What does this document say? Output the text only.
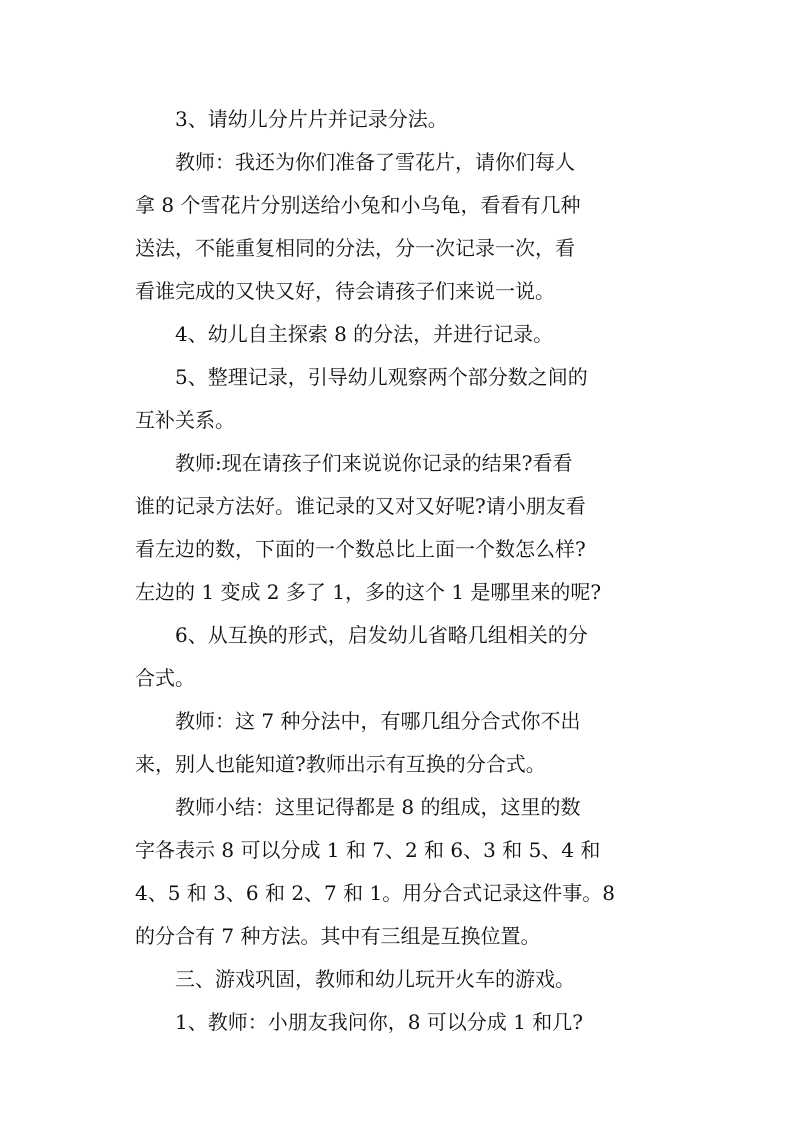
3、请幼儿分片片并记录分法。
教师：我还为你们准备了雪花片，请你们每人
拿 8 个雪花片分别送给小兔和小乌龟，看看有几种
送法，不能重复相同的分法，分一次记录一次，看
看谁完成的又快又好，待会请孩子们来说一说。
4、幼儿自主探索 8 的分法，并进行记录。
5、整理记录，引导幼儿观察两个部分数之间的
互补关系。
教师:现在请孩子们来说说你记录的结果?看看
谁的记录方法好。谁记录的又对又好呢?请小朋友看
看左边的数，下面的一个数总比上面一个数怎么样?
左边的 1 变成 2 多了 1，多的这个 1 是哪里来的呢?
6、从互换的形式，启发幼儿省略几组相关的分
合式。
教师：这 7 种分法中，有哪几组分合式你不出
来，别人也能知道?教师出示有互换的分合式。
教师小结：这里记得都是 8 的组成，这里的数
字各表示 8 可以分成 1 和 7、2 和 6、3 和 5、4 和
4、5 和 3、6 和 2、7 和 1。用分合式记录这件事。8
的分合有 7 种方法。其中有三组是互换位置。
三、游戏巩固，教师和幼儿玩开火车的游戏。
1、教师：小朋友我问你，8 可以分成 1 和几?
